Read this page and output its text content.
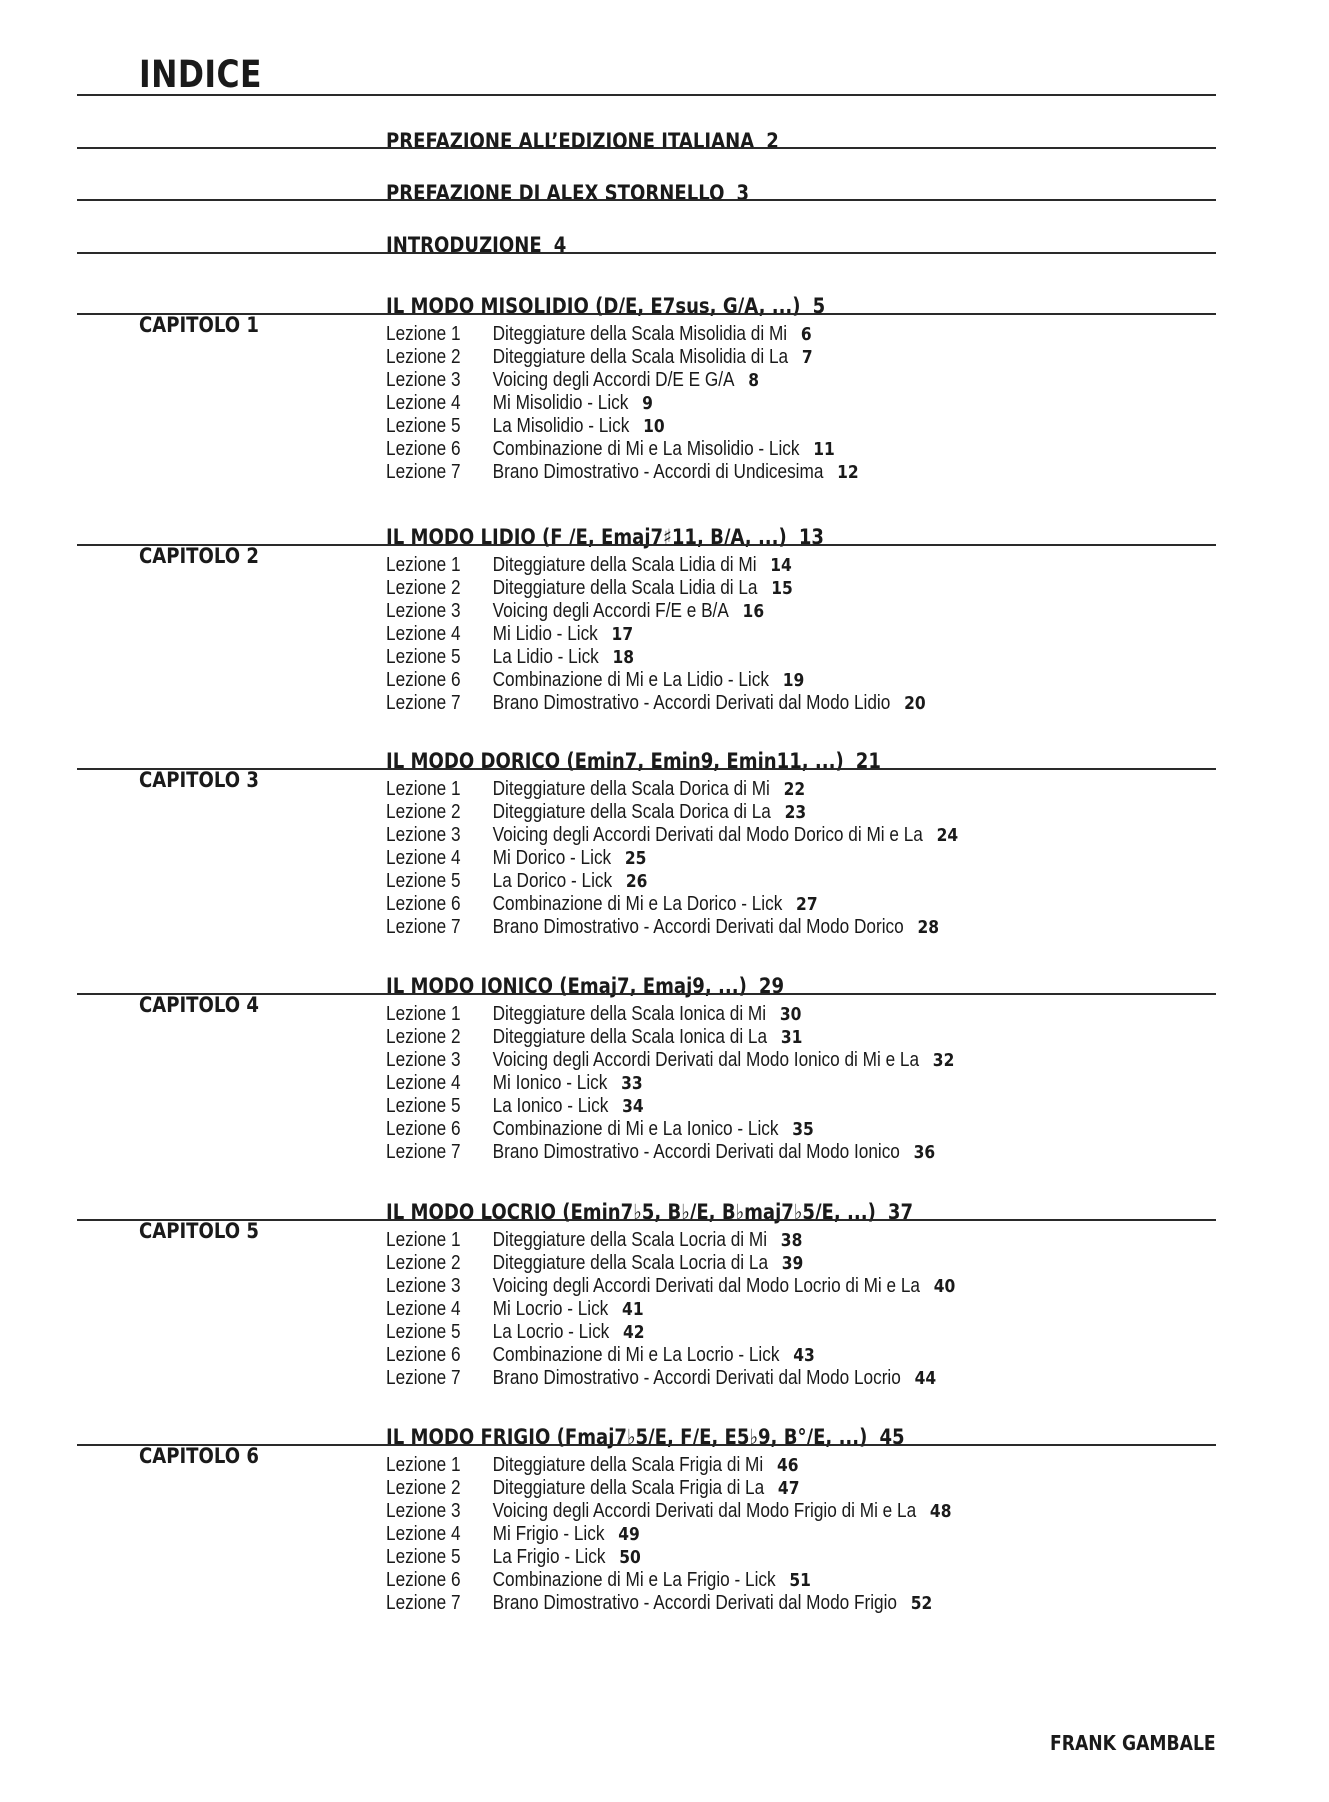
INDICE
PREFAZIONE ALL’EDIZIONE ITALIANA 2
PREFAZIONE DI ALEX STORNELLO 3
INTRODUZIONE 4
IL MODO MISOLIDIO (D/E, E7sus, G/A, ...) 5
CAPITOLO 1	Lezione 1 Diteggiature della Scala Misolidia di Mi 6
Lezione 2 Diteggiature della Scala Misolidia di La 7
Lezione 3 Voicing degli Accordi D/E E G/A 8
Lezione 4 Mi Misolidio - Lick 9
Lezione 5 La Misolidio - Lick 10
Lezione 6 Combinazione di Mi e La Misolidio - Lick 11
Lezione 7 Brano Dimostrativo - Accordi di Undicesima 12
IL MODO LIDIO (F /E, Emaj7♯11, B/A, ...) 13
CAPITOLO 2	Lezione 1 Diteggiature della Scala Lidia di Mi 14
Lezione 2 Diteggiature della Scala Lidia di La 15
Lezione 3 Voicing degli Accordi F/E e B/A 16
Lezione 4 Mi Lidio - Lick 17
Lezione 5 La Lidio - Lick 18
Lezione 6 Combinazione di Mi e La Lidio - Lick 19
Lezione 7 Brano Dimostrativo - Accordi Derivati dal Modo Lidio 20
IL MODO DORICO (Emin7, Emin9, Emin11, ...) 21
CAPITOLO 3	Lezione 1 Diteggiature della Scala Dorica di Mi 22
Lezione 2 Diteggiature della Scala Dorica di La 23
Lezione 3 Voicing degli Accordi Derivati dal Modo Dorico di Mi e La 24
Lezione 4 Mi Dorico - Lick 25
Lezione 5 La Dorico - Lick 26
Lezione 6 Combinazione di Mi e La Dorico - Lick 27
Lezione 7 Brano Dimostrativo - Accordi Derivati dal Modo Dorico 28
IL MODO IONICO (Emaj7, Emaj9, ...) 29
CAPITOLO 4	Lezione 1 Diteggiature della Scala Ionica di Mi 30
Lezione 2 Diteggiature della Scala Ionica di La 31
Lezione 3 Voicing degli Accordi Derivati dal Modo Ionico di Mi e La 32
Lezione 4 Mi Ionico - Lick 33
Lezione 5 La Ionico - Lick 34
Lezione 6 Combinazione di Mi e La Ionico - Lick 35
Lezione 7 Brano Dimostrativo - Accordi Derivati dal Modo Ionico 36
IL MODO LOCRIO (Emin7♭5, B♭/E, B♭maj7♭5/E, ...) 37
CAPITOLO 5	Lezione 1 Diteggiature della Scala Locria di Mi 38
Lezione 2 Diteggiature della Scala Locria di La 39
Lezione 3 Voicing degli Accordi Derivati dal Modo Locrio di Mi e La 40
Lezione 4 Mi Locrio - Lick 41
Lezione 5 La Locrio - Lick 42
Lezione 6 Combinazione di Mi e La Locrio - Lick 43
Lezione 7 Brano Dimostrativo - Accordi Derivati dal Modo Locrio 44
IL MODO FRIGIO (Fmaj7♭5/E, F/E, E5♭9, B°/E, ...) 45
CAPITOLO 6	Lezione 1 Diteggiature della Scala Frigia di Mi 46
Lezione 2 Diteggiature della Scala Frigia di La 47
Lezione 3 Voicing degli Accordi Derivati dal Modo Frigio di Mi e La 48
Lezione 4 Mi Frigio - Lick 49
Lezione 5 La Frigio - Lick 50
Lezione 6 Combinazione di Mi e La Frigio - Lick 51
Lezione 7 Brano Dimostrativo - Accordi Derivati dal Modo Frigio 52
FRANK GAMBALE
